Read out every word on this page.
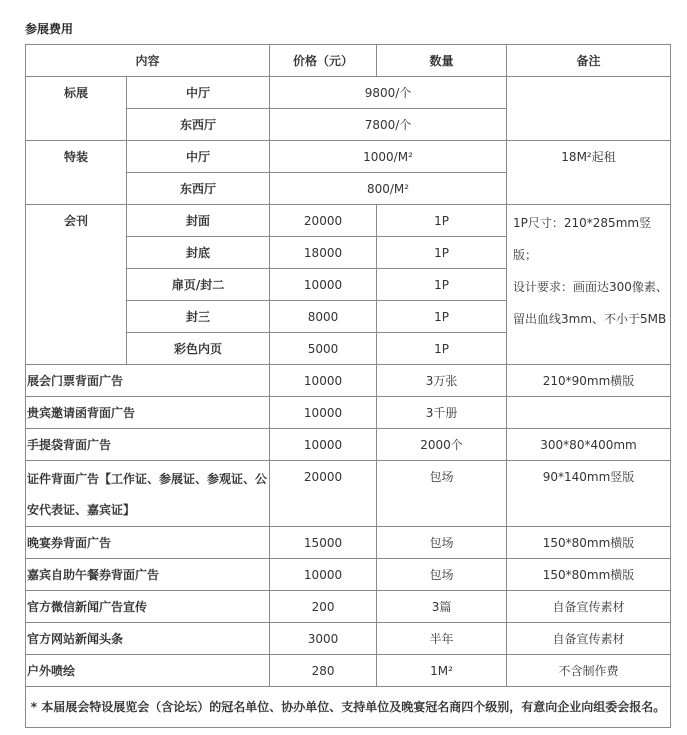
参展费用
内容		价格（元）	数量	备注
标展	中厅	9800/个		
	东西厅	7800/个		
特装	中厅	1000/M²		18M²起租
	东西厅	800/M²		
会刊	封面	20000	1P	1P尺寸：210*285mm竖版；
设计要求：画面达300像素、
留出血线3mm、不小于5MB

	封底	18000	1P	
	扉页/封二	10000	1P	
	封三	8000	1P	
	彩色内页	5000	1P	
展会门票背面广告		10000	3万张	210*90mm横版
贵宾邀请函背面广告		10000	3千册	
手提袋背面广告		10000	2000个	300*80*400mm

证件背面广告【工作证、参展证、参观证、公
安代表证、嘉宾证】		20000	包场	90*140mm竖版
晚宴券背面广告		15000	包场	150*80mm横版
嘉宾自助午餐券背面广告		10000	包场	150*80mm横版
官方微信新闻广告宣传		200	3篇	自备宣传素材
官方网站新闻头条		3000	半年	自备宣传素材
户外喷绘		280	1M²	不含制作费
* 本届展会特设展览会（含论坛）的冠名单位、协办单位、支持单位及晚宴冠名商四个级别，有意向企业向组委会报名。				
